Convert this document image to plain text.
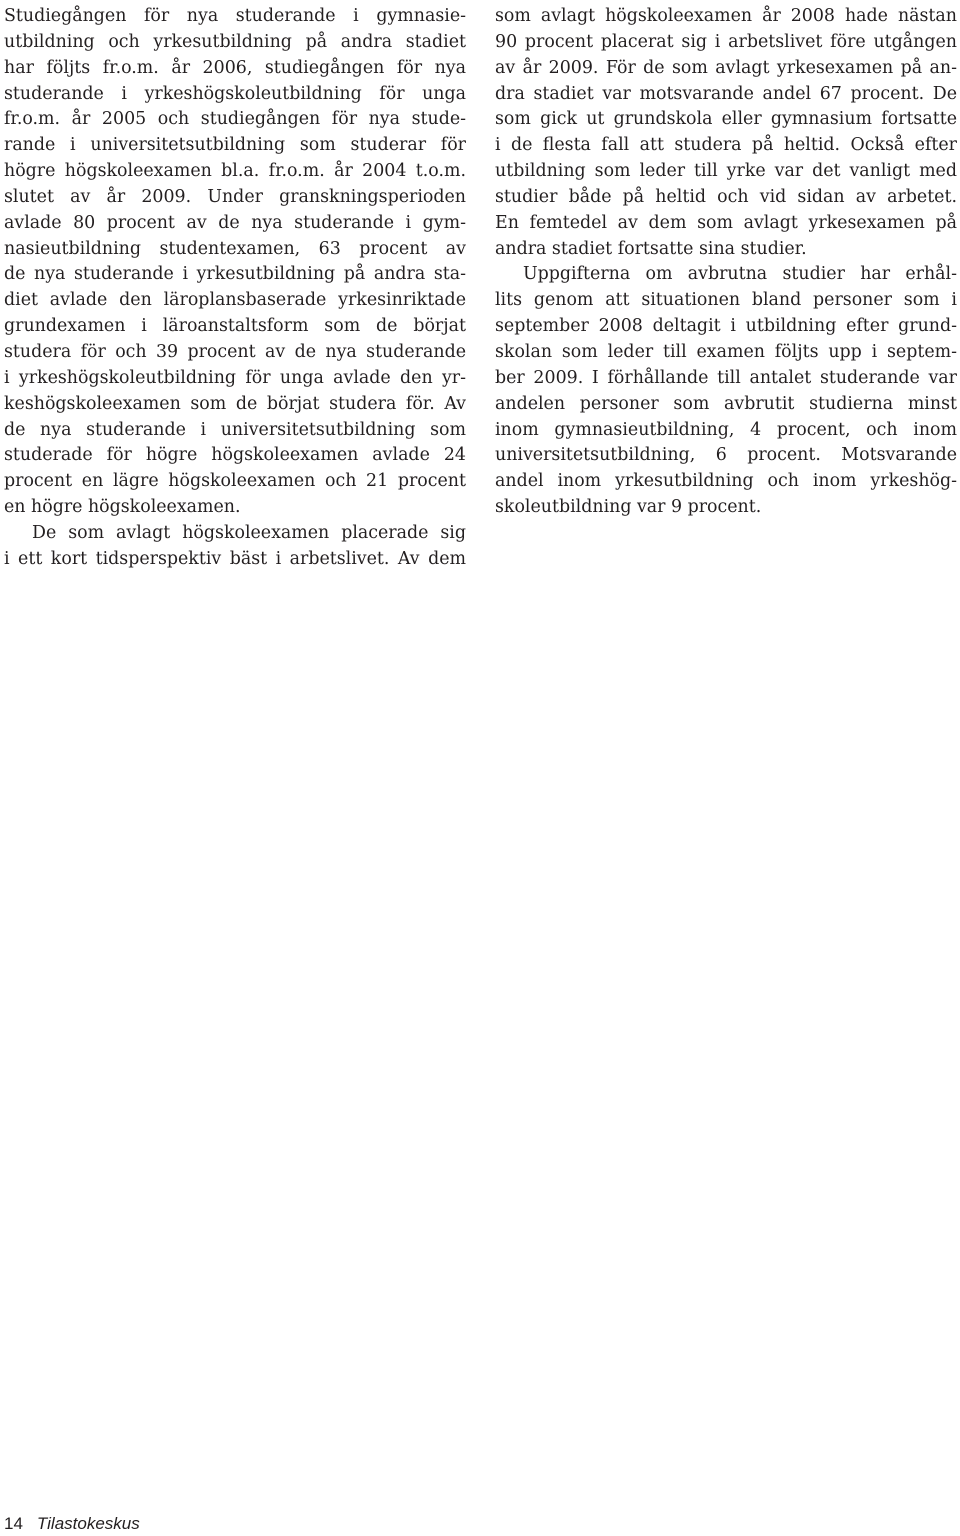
Studiegången för nya studerande i gymnasie-
utbildning och yrkesutbildning på andra stadiet
har följts fr.o.m. år 2006, studiegången för nya
studerande i yrkeshögskoleutbildning för unga
fr.o.m. år 2005 och studiegången för nya stude-
rande i universitetsutbildning som studerar för
högre högskoleexamen bl.a. fr.o.m. år 2004 t.o.m.
slutet av år 2009. Under granskningsperioden
avlade 80 procent av de nya studerande i gym-
nasieutbildning studentexamen, 63 procent av
de nya studerande i yrkesutbildning på andra sta-
diet avlade den läroplansbaserade yrkesinriktade
grundexamen i läroanstaltsform som de börjat
studera för och 39 procent av de nya studerande
i yrkeshögskoleutbildning för unga avlade den yr-
keshögskoleexamen som de börjat studera för. Av
de nya studerande i universitetsutbildning som
studerade för högre högskoleexamen avlade 24
procent en lägre högskoleexamen och 21 procent
en högre högskoleexamen.
De som avlagt högskoleexamen placerade sig
i ett kort tidsperspektiv bäst i arbetslivet. Av dem
som avlagt högskoleexamen år 2008 hade nästan
90 procent placerat sig i arbetslivet före utgången
av år 2009. För de som avlagt yrkesexamen på an-
dra stadiet var motsvarande andel 67 procent. De
som gick ut grundskola eller gymnasium fortsatte
i de flesta fall att studera på heltid. Också efter
utbildning som leder till yrke var det vanligt med
studier både på heltid och vid sidan av arbetet.
En femtedel av dem som avlagt yrkesexamen på
andra stadiet fortsatte sina studier.
Uppgifterna om avbrutna studier har erhål-
lits genom att situationen bland personer som i
september 2008 deltagit i utbildning efter grund-
skolan som leder till examen följts upp i septem-
ber 2009. I förhållande till antalet studerande var
andelen personer som avbrutit studierna minst
inom gymnasieutbildning, 4 procent, och inom
universitetsutbildning, 6 procent. Motsvarande
andel inom yrkesutbildning och inom yrkeshög-
skoleutbildning var 9 procent.
14 Tilastokeskus
